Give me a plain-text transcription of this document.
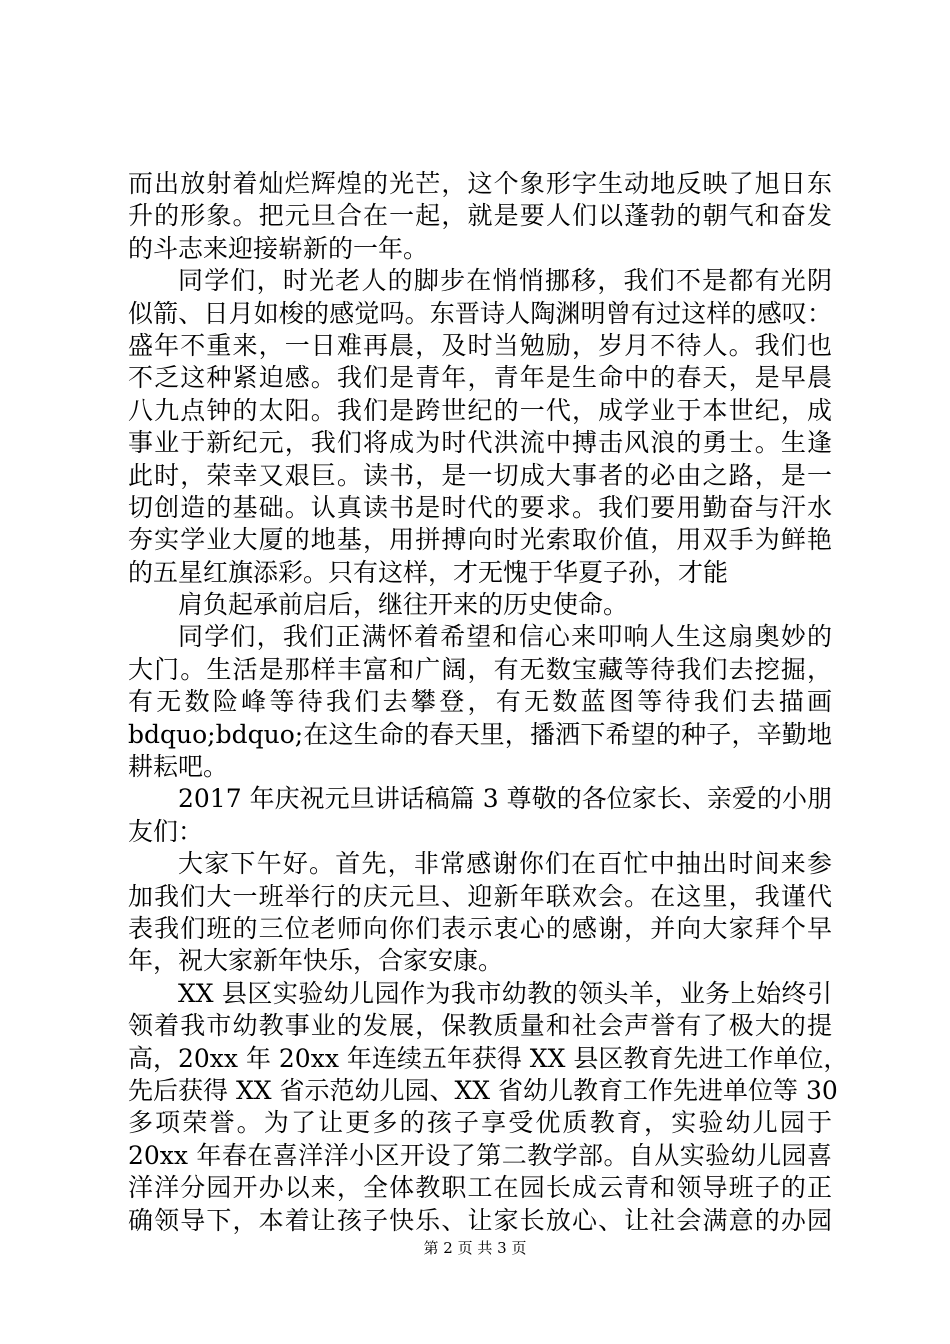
而出放射着灿烂辉煌的光芒，这个象形字生动地反映了旭日东
升的形象。把元旦合在一起，就是要人们以蓬勃的朝气和奋发
的斗志来迎接崭新的一年。
同学们，时光老人的脚步在悄悄挪移，我们不是都有光阴
似箭、日月如梭的感觉吗。东晋诗人陶渊明曾有过这样的感叹：
盛年不重来，一日难再晨，及时当勉励，岁月不待人。我们也
不乏这种紧迫感。我们是青年，青年是生命中的春天，是早晨
八九点钟的太阳。我们是跨世纪的一代，成学业于本世纪，成
事业于新纪元，我们将成为时代洪流中搏击风浪的勇士。生逢
此时，荣幸又艰巨。读书，是一切成大事者的必由之路，是一
切创造的基础。认真读书是时代的要求。我们要用勤奋与汗水
夯实学业大厦的地基，用拼搏向时光索取价值，用双手为鲜艳
的五星红旗添彩。只有这样，才无愧于华夏子孙，才能
肩负起承前启后，继往开来的历史使命。
同学们，我们正满怀着希望和信心来叩响人生这扇奥妙的
大门。生活是那样丰富和广阔，有无数宝藏等待我们去挖掘，
有无数险峰等待我们去攀登，有无数蓝图等待我们去描画
bdquo;bdquo;在这生命的春天里，播洒下希望的种子，辛勤地
耕耘吧。
2017 年庆祝元旦讲话稿篇 3 尊敬的各位家长、亲爱的小朋
友们：
大家下午好。首先，非常感谢你们在百忙中抽出时间来参
加我们大一班举行的庆元旦、迎新年联欢会。在这里，我谨代
表我们班的三位老师向你们表示衷心的感谢，并向大家拜个早
年，祝大家新年快乐，合家安康。
XX 县区实验幼儿园作为我市幼教的领头羊，业务上始终引
领着我市幼教事业的发展，保教质量和社会声誉有了极大的提
高，20xx 年 20xx 年连续五年获得 XX 县区教育先进工作单位，
先后获得 XX 省示范幼儿园、XX 省幼儿教育工作先进单位等 30
多项荣誉。为了让更多的孩子享受优质教育，实验幼儿园于
20xx 年春在喜洋洋小区开设了第二教学部。自从实验幼儿园喜
洋洋分园开办以来，全体教职工在园长成云青和领导班子的正
确领导下，本着让孩子快乐、让家长放心、让社会满意的办园
第 2 页 共 3 页
